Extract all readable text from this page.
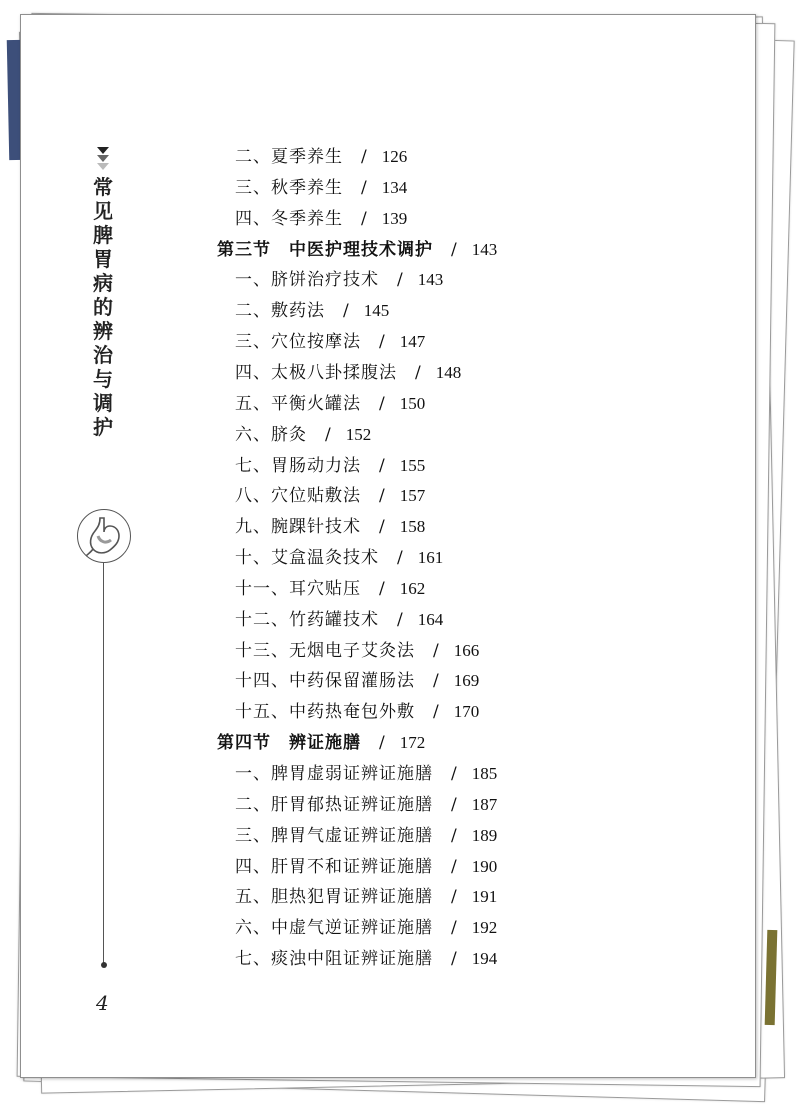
常
见
脾
胃
病
的
辨
治
与
调
护
4
二、夏季养生 / 126
三、秋季养生 / 134
四、冬季养生 / 139
第三节　中医护理技术调护 / 143
一、脐饼治疗技术 / 143
二、敷药法 / 145
三、穴位按摩法 / 147
四、太极八卦揉腹法 / 148
五、平衡火罐法 / 150
六、脐灸 / 152
七、胃肠动力法 / 155
八、穴位贴敷法 / 157
九、腕踝针技术 / 158
十、艾盒温灸技术 / 161
十一、耳穴贴压 / 162
十二、竹药罐技术 / 164
十三、无烟电子艾灸法 / 166
十四、中药保留灌肠法 / 169
十五、中药热奄包外敷 / 170
第四节　辨证施膳 / 172
一、脾胃虚弱证辨证施膳 / 185
二、肝胃郁热证辨证施膳 / 187
三、脾胃气虚证辨证施膳 / 189
四、肝胃不和证辨证施膳 / 190
五、胆热犯胃证辨证施膳 / 191
六、中虚气逆证辨证施膳 / 192
七、痰浊中阻证辨证施膳 / 194
